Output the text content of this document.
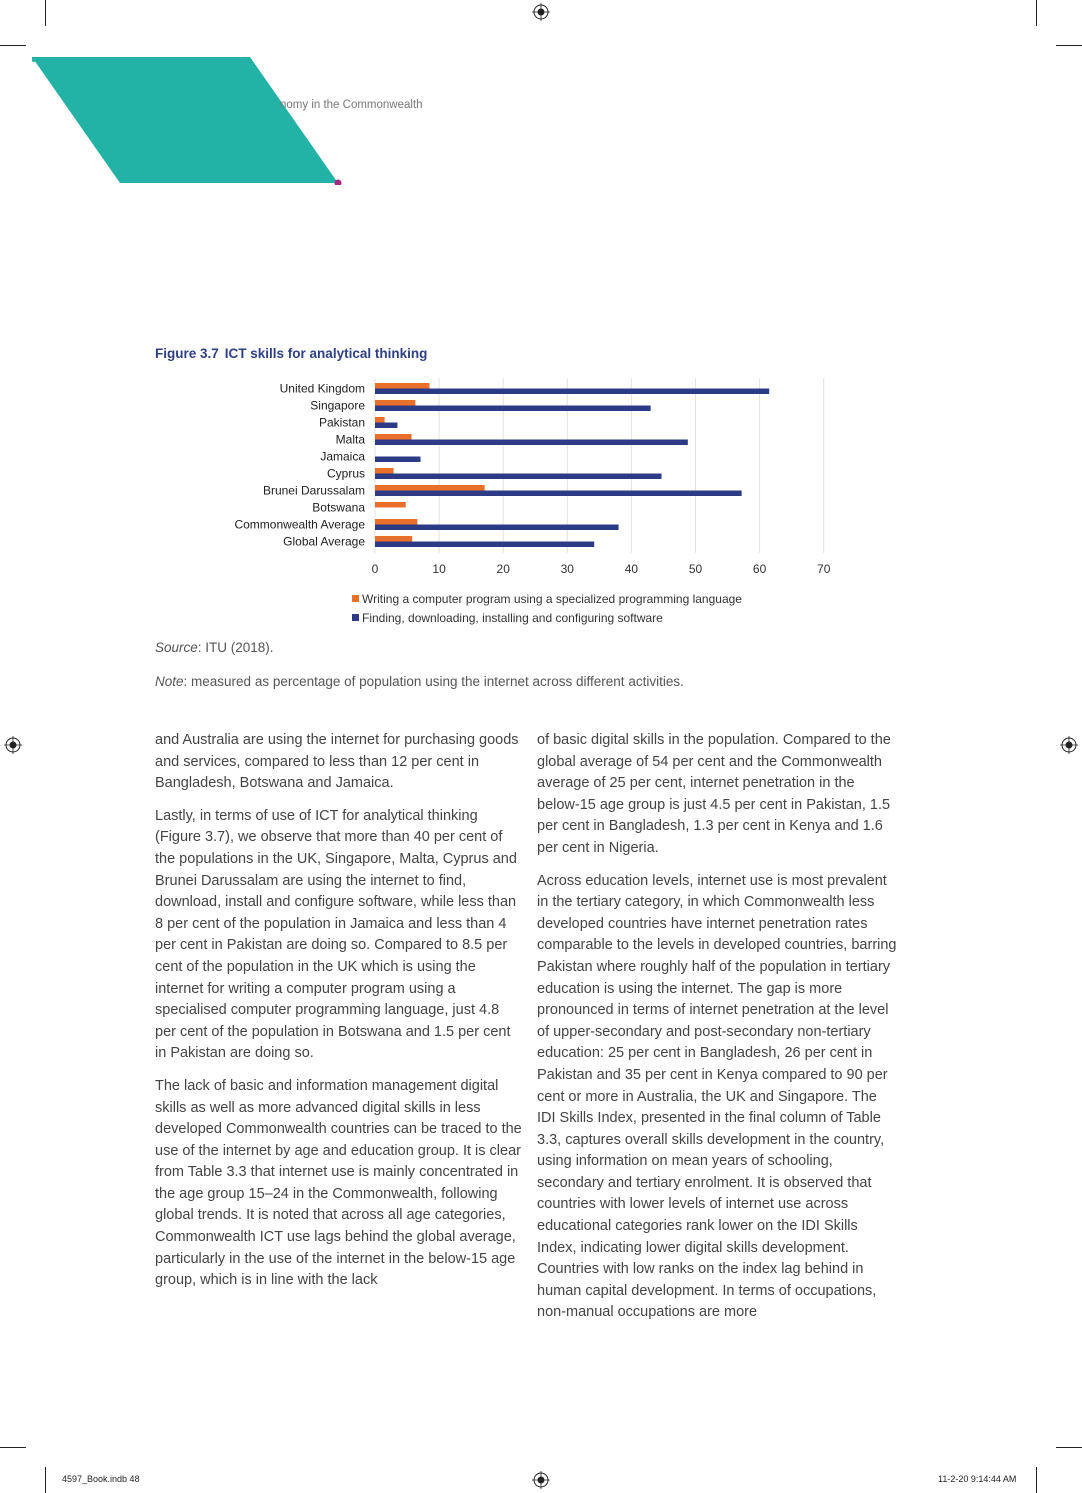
nomy in the Commonwealth
Figure 3.7 ICT skills for analytical thinking
0	10	20	30	40	50	60	70
United Kingdom
Singapore
Pakistan
Malta
Jamaica
Cyprus
Brunei Darussalam
Botswana
Commonwealth Average
Global Average
Writing a computer program using a specialized programming language
Finding, downloading, installing and configuring software
Source: ITU (2018).
Note: measured as percentage of population using the internet across different activities.

and Australia are using the internet for purchasing goods and services, compared to less than 12 per cent in Bangladesh, Botswana and Jamaica.

Lastly, in terms of use of ICT for analytical thinking (Figure 3.7), we observe that more than 40 per cent of the populations in the UK, Singapore, Malta, Cyprus and Brunei Darussalam are using the internet to find, download, install and configure software, while less than 8 per cent of the population in Jamaica and less than 4 per cent in Pakistan are doing so. Compared to 8.5 per cent of the population in the UK which is using the internet for writing a computer program using a specialised computer programming language, just 4.8 per cent of the population in Botswana and 1.5 per cent in Pakistan are doing so.

The lack of basic and information management digital skills as well as more advanced digital skills in less developed Commonwealth countries can be traced to the use of the internet by age and education group. It is clear from Table 3.3 that internet use is mainly concentrated in the age group 15–24 in the Commonwealth, following global trends. It is noted that across all age categories, Commonwealth ICT use lags behind the global average, particularly in the use of the internet in the below-15 age group, which is in line with the lack

of basic digital skills in the population. Compared to the global average of 54 per cent and the Commonwealth average of 25 per cent, internet penetration in the below-15 age group is just 4.5 per cent in Pakistan, 1.5 per cent in Bangladesh, 1.3 per cent in Kenya and 1.6 per cent in Nigeria.

Across education levels, internet use is most prevalent in the tertiary category, in which Commonwealth less developed countries have internet penetration rates comparable to the levels in developed countries, barring Pakistan where roughly half of the population in tertiary education is using the internet. The gap is more pronounced in terms of internet penetration at the level of upper-secondary and post-secondary non-tertiary education: 25 per cent in Bangladesh, 26 per cent in Pakistan and 35 per cent in Kenya compared to 90 per cent or more in Australia, the UK and Singapore. The IDI Skills Index, presented in the final column of Table 3.3, captures overall skills development in the country, using information on mean years of schooling, secondary and tertiary enrolment. It is observed that countries with lower levels of internet use across educational categories rank lower on the IDI Skills Index, indicating lower digital skills development. Countries with low ranks on the index lag behind in human capital development. In terms of occupations, non-manual occupations are more

4597_Book.indb 48	11-2-20 9:14:44 AM
